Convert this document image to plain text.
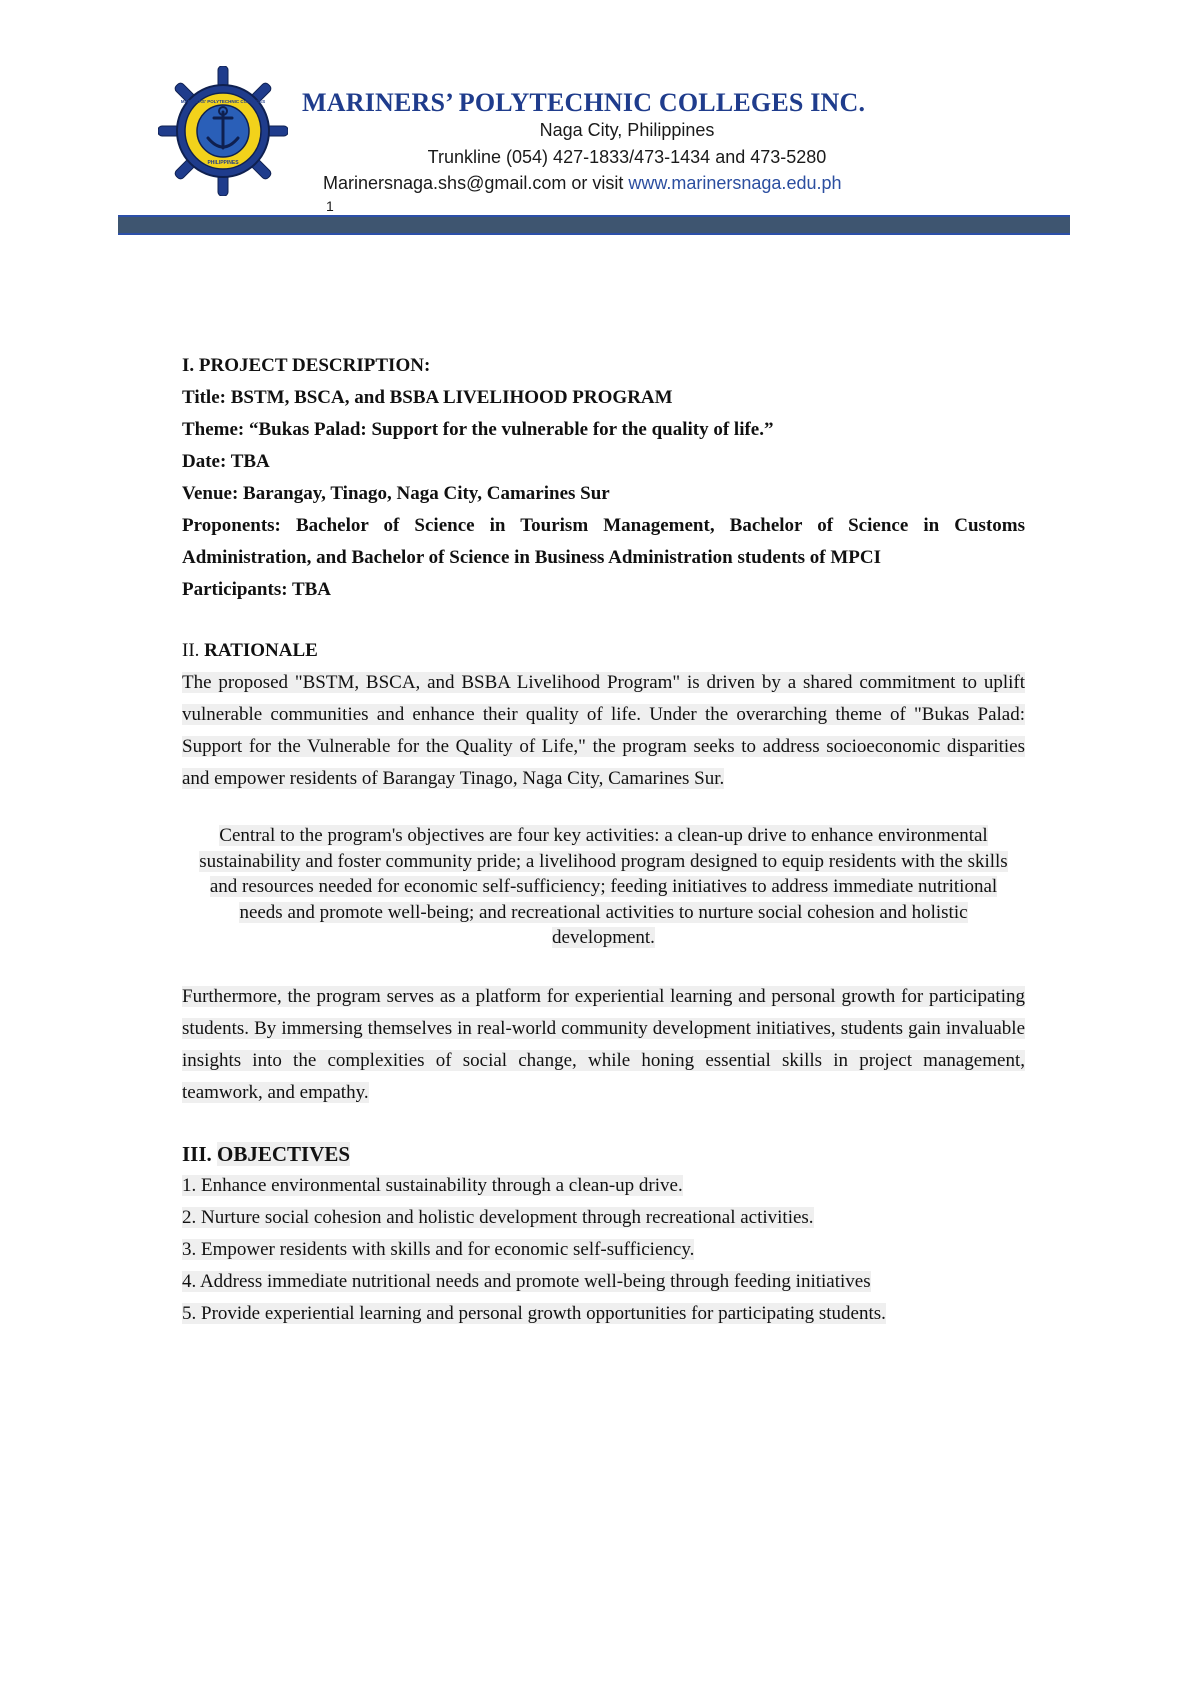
MARINERS' POLYTECHNIC COLLEGES
PHILIPPINES
MARINERS’ POLYTECHNIC COLLEGES INC.
Naga City, Philippines
Trunkline (054) 427-1833/473-1434 and 473-5280
Marinersnaga.shs@gmail.com or visit www.marinersnaga.edu.ph
1
I. PROJECT DESCRIPTION:
Title: BSTM, BSCA, and BSBA LIVELIHOOD PROGRAM
Theme: “Bukas Palad: Support for the vulnerable for the quality of life.”
Date: TBA
Venue: Barangay, Tinago, Naga City, Camarines Sur
Proponents: Bachelor of Science in Tourism Management, Bachelor of Science in Customs Administration, and Bachelor of Science in Business Administration students of MPCI
Participants: TBA
II. RATIONALE
The proposed "BSTM, BSCA, and BSBA Livelihood Program" is driven by a shared commitment to uplift vulnerable communities and enhance their quality of life. Under the overarching theme of "Bukas Palad: Support for the Vulnerable for the Quality of Life," the program seeks to address socioeconomic disparities and empower residents of Barangay Tinago, Naga City, Camarines Sur.
Central to the program's objectives are four key activities: a clean-up drive to enhance environmental sustainability and foster community pride; a livelihood program designed to equip residents with the skills and resources needed for economic self-sufficiency; feeding initiatives to address immediate nutritional needs and promote well-being; and recreational activities to nurture social cohesion and holistic development.
Furthermore, the program serves as a platform for experiential learning and personal growth for participating students. By immersing themselves in real-world community development initiatives, students gain invaluable insights into the complexities of social change, while honing essential skills in project management, teamwork, and empathy.
III. OBJECTIVES
1. Enhance environmental sustainability through a clean-up drive.
2. Nurture social cohesion and holistic development through recreational activities.
3. Empower residents with skills and for economic self-sufficiency.
4. Address immediate nutritional needs and promote well-being through feeding initiatives
5. Provide experiential learning and personal growth opportunities for participating students.
